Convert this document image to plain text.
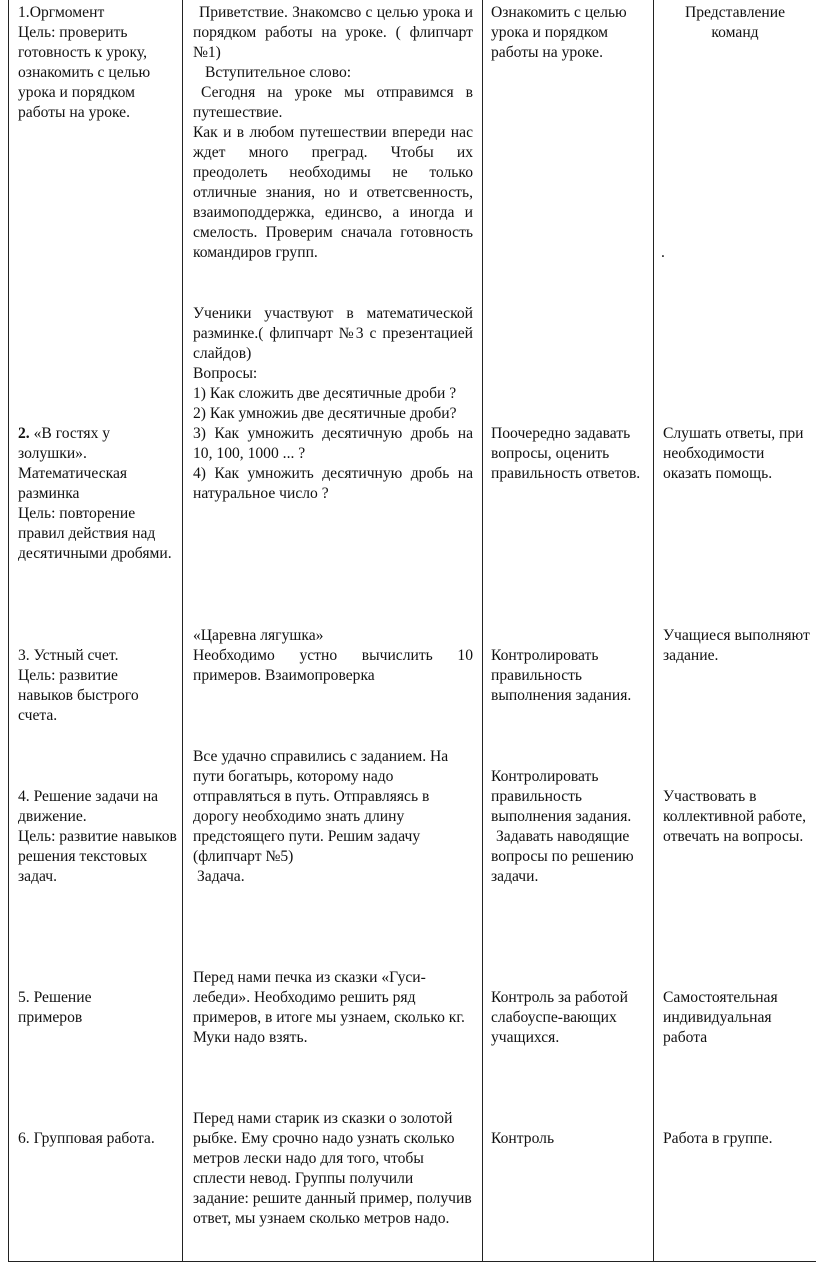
1.Оргмомент

Цель: проверить готовность к уроку, ознакомить с целью урока и порядком работы на уроке.

Приветствие. Знакомсво с целью урока и порядком работы на уроке. ( флипчарт №1)

Вступительное слово:

Сегодня на уроке мы отправимся в путешествие.

Как и в любом путешествии впереди нас ждет много преград. Чтобы их преодолеть необходимы не только отличные знания, но и ответсвенность, взаимоподдержка, единсво, а иногда и смелость. Проверим сначала готовность командиров групп.

Ознакомить с целью урока и порядком работы на уроке.

Представление команд

.

2. «В гостях у золушки».

Математическая разминка

Цель: повторение правил действия над десятичными дробями.

Ученики участвуют в математической разминке.( флипчарт №3 с презентацией слайдов)

Вопросы:

1) Как сложить две десятичные дроби ?

2) Как умножиь две десятичные дроби?

3) Как умножить десятичную дробь на 10, 100, 1000 ... ?

4) Как умножить десятичную дробь на натуральное число ?

Поочередно задавать вопросы, оценить правильность ответов.

Слушать ответы, при необходимости оказать помощь.

3. Устный счет.

Цель: развитие навыков быстрого счета.

«Царевна лягушка»

Необходимо устно вычислить 10 примеров. Взаимопроверка

Контролировать правильность выполнения задания.

Учащиеся выполняют задание.

4. Решение задачи на движение.

Цель: развитие навыков решения текстовых задач.

Все удачно справились с заданием. На пути богатырь, которому надо отправляться в путь. Отправляясь в дорогу необходимо знать длину предстоящего пути. Решим задачу (флипчарт №5)

Задача.

Контролировать правильность выполнения задания.

Задавать наводящие вопросы по решению задачи.

Участвовать в коллективной работе, отвечать на вопросы.

5. Решение примеров

Перед нами печка из сказки «Гуси-лебеди». Необходимо решить ряд примеров, в итоге мы узнаем, сколько кг. Муки надо взять.

Контроль за работой слабоуспе-вающих учащихся.

Самостоятельная индивидуальная работа

6. Групповая работа.

Перед нами старик из сказки о золотой рыбке. Ему срочно надо узнать сколько метров лески надо для того, чтобы сплести невод. Группы получили задание: решите данный пример, получив ответ, мы узнаем сколько метров надо.

Контроль	Работа в группе.
